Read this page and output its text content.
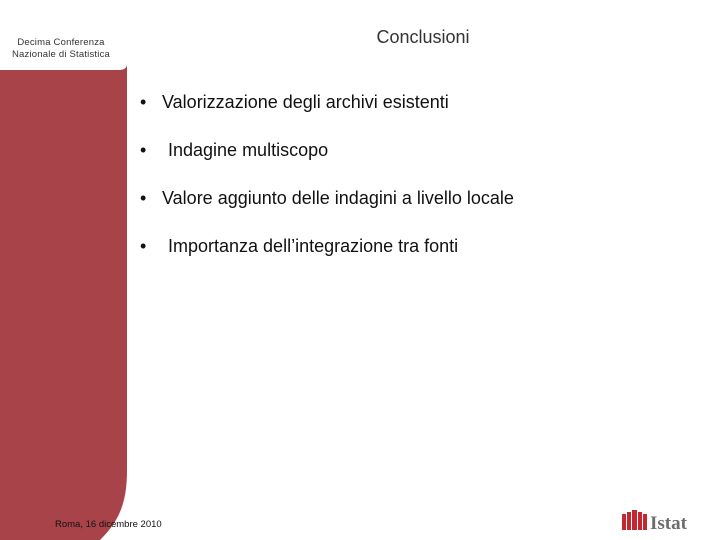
Decima Conferenza
Nazionale di Statistica
Conclusioni
• Valorizzazione degli archivi esistenti
• Indagine multiscopo
• Valore aggiunto delle indagini a livello locale
• Importanza dell’integrazione tra fonti
Roma, 16 dicembre 2010	Istat
